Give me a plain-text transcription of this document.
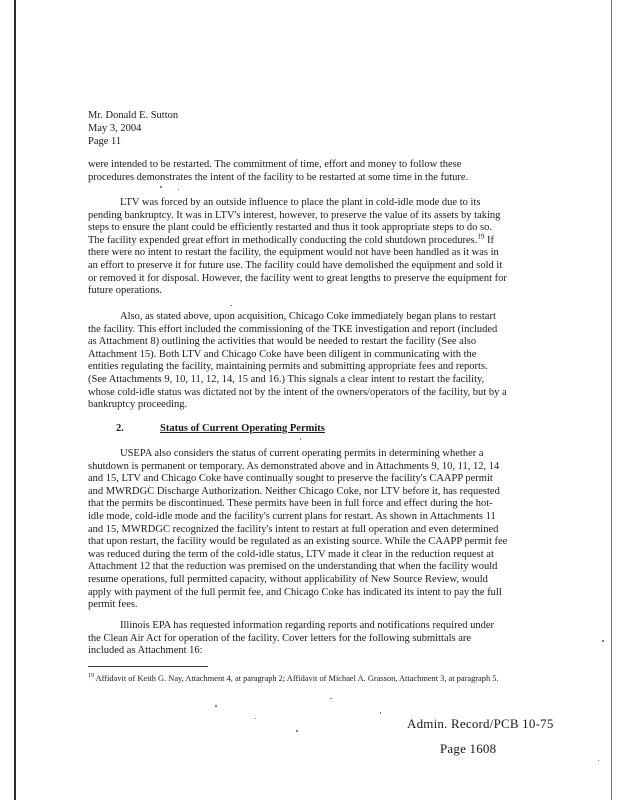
Mr. Donald E. Sutton
May 3, 2004
Page 11

were intended to be restarted. The commitment of time, effort and money to follow these procedures demonstrates the intent of the facility to be restarted at some time in the future.

LTV was forced by an outside influence to place the plant in cold-idle mode due to its pending bankruptcy. It was in LTV's interest, however, to preserve the value of its assets by taking steps to ensure the plant could be efficiently restarted and thus it took appropriate steps to do so. The facility expended great effort in methodically conducting the cold shutdown procedures.$^{19}$ If there were no intent to restart the facility, the equipment would not have been handled as it was in an effort to preserve it for future use. The facility could have demolished the equipment and sold it or removed it for disposal. However, the facility went to great lengths to preserve the equipment for future operations.

Also, as stated above, upon acquisition, Chicago Coke immediately began plans to restart the facility. This effort included the commissioning of the TKE investigation and report (included as Attachment 8) outlining the activities that would be needed to restart the facility (See also Attachment 15). Both LTV and Chicago Coke have been diligent in communicating with the entities regulating the facility, maintaining permits and submitting appropriate fees and reports. (See Attachments 9, 10, 11, 12, 14, 15 and 16.) This signals a clear intent to restart the facility, whose cold-idle status was dictated not by the intent of the owners/operators of the facility, but by a bankruptcy proceeding.

2.	Status of Current Operating Permits

USEPA also considers the status of current operating permits in determining whether a shutdown is permanent or temporary. As demonstrated above and in Attachments 9, 10, 11, 12, 14 and 15, LTV and Chicago Coke have continually sought to preserve the facility's CAAPP permit and MWRDGC Discharge Authorization. Neither Chicago Coke, nor LTV before it, has requested that the permits be discontinued. These permits have been in full force and effect during the hot-idle mode, cold-idle mode and the facility's current plans for restart. As shown in Attachments 11 and 15, MWRDGC recognized the facility's intent to restart at full operation and even determined that upon restart, the facility would be regulated as an existing source. While the CAAPP permit fee was reduced during the term of the cold-idle status, LTV made it clear in the reduction request at Attachment 12 that the reduction was premised on the understanding that when the facility would resume operations, full permitted capacity, without applicability of New Source Review, would apply with payment of the full permit fee, and Chicago Coke has indicated its intent to pay the full permit fees.

Illinois EPA has requested information regarding reports and notifications required under the Clean Air Act for operation of the facility. Cover letters for the following submittals are included as Attachment 16:

$^{19}$ Affidavit of Keith G. Nay, Attachment 4, at paragraph 2; Affidavit of Michael A. Grasson, Attachment 3, at paragraph 5.
Admin. Record/PCB 10-75
Page 1608
